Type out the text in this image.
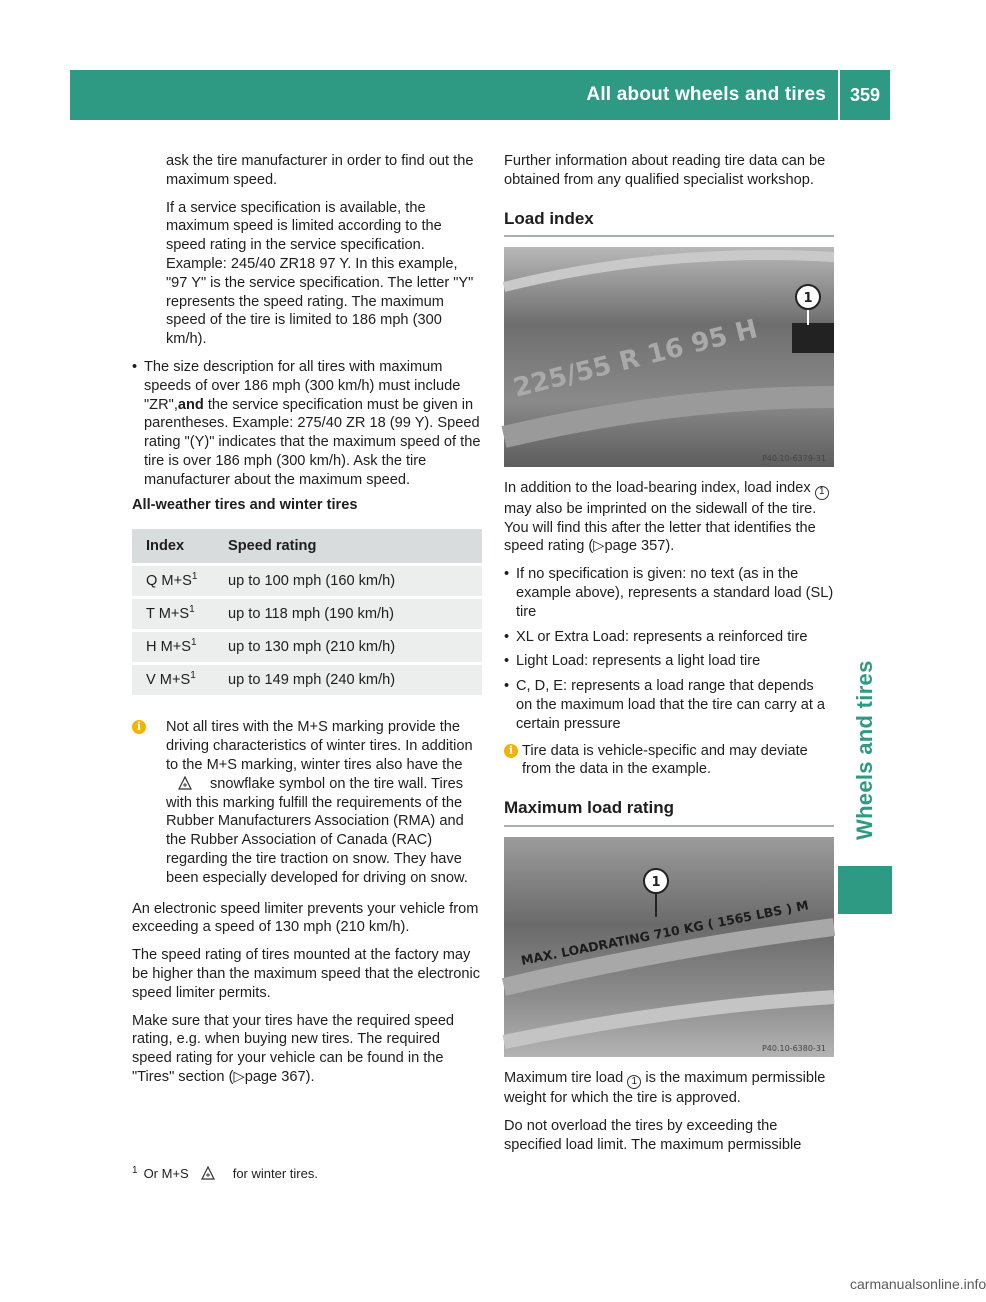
All about wheels and tires	359
Wheels and tires

ask the tire manufacturer in order to find out the maximum speed.

If a service specification is available, the maximum speed is limited according to the speed rating in the service specification. Example: 245/40 ZR18 97 Y. In this example, "97 Y" is the service specification. The letter "Y" represents the speed rating. The maximum speed of the tire is limited to 186 mph (300 km/h).

• The size description for all tires with maximum speeds of over 186 mph (300 km/h) must include "ZR",and the service specification must be given in parentheses. Example: 275/40 ZR 18 (99 Y). Speed rating "(Y)" indicates that the maximum speed of the tire is over 186 mph (300 km/h). Ask the tire manufacturer about the maximum speed.

All-weather tires and winter tires
Index	Speed rating
Q $M+S^1$	up to 100 mph (160 km/h)
T $M+S^1$	up to 118 mph (190 km/h)
H $M+S^1$	up to 130 mph (210 km/h)
V $M+S^1$	up to 149 mph (240 km/h)
i	Not all tires with the M+S marking provide the driving characteristics of winter tires. In addition to the M+S marking, winter tires also have thesnowflake symbol on the tire wall. Tires with this marking fulfill the requirements of the Rubber Manufacturers Association (RMA) and the Rubber Association of Canada (RAC) regarding the tire traction on snow. They have been especially developed for driving on snow.

An electronic speed limiter prevents your vehicle from exceeding a speed of 130 mph (210 km/h).

The speed rating of tires mounted at the factory may be higher than the maximum speed that the electronic speed limiter permits.

Make sure that your tires have the required speed rating, e.g. when buying new tires. The required speed rating for your vehicle can be found in the "Tires" section (▷page 367).

Further information about reading tire data can be obtained from any qualified specialist workshop.

Load index
225/55 R 16 95 H
1
P40.10-6379-31

In addition to the load-bearing index, load index 1 may also be imprinted on the sidewall of the tire. You will find this after the letter that identifies the speed rating (▷page 357).

• If no specification is given: no text (as in the example above), represents a standard load (SL) tire

• XL or Extra Load: represents a reinforced tire

• Light Load: represents a light load tire

• C, D, E: represents a load range that depends on the maximum load that the tire can carry at a certain pressure

i Tire data is vehicle-specific and may deviate from the data in the example.
Maximum load rating
MAX. LOADRATING 710 KG ( 1565 LBS ) M
1
P40.10-6380-31

Maximum tire load 1 is the maximum permissible weight for which the tire is approved.

Do not overload the tires by exceeding the specified load limit. The maximum permissible

$^1$ Or M+S	for winter tires.
carmanualsonline.info
